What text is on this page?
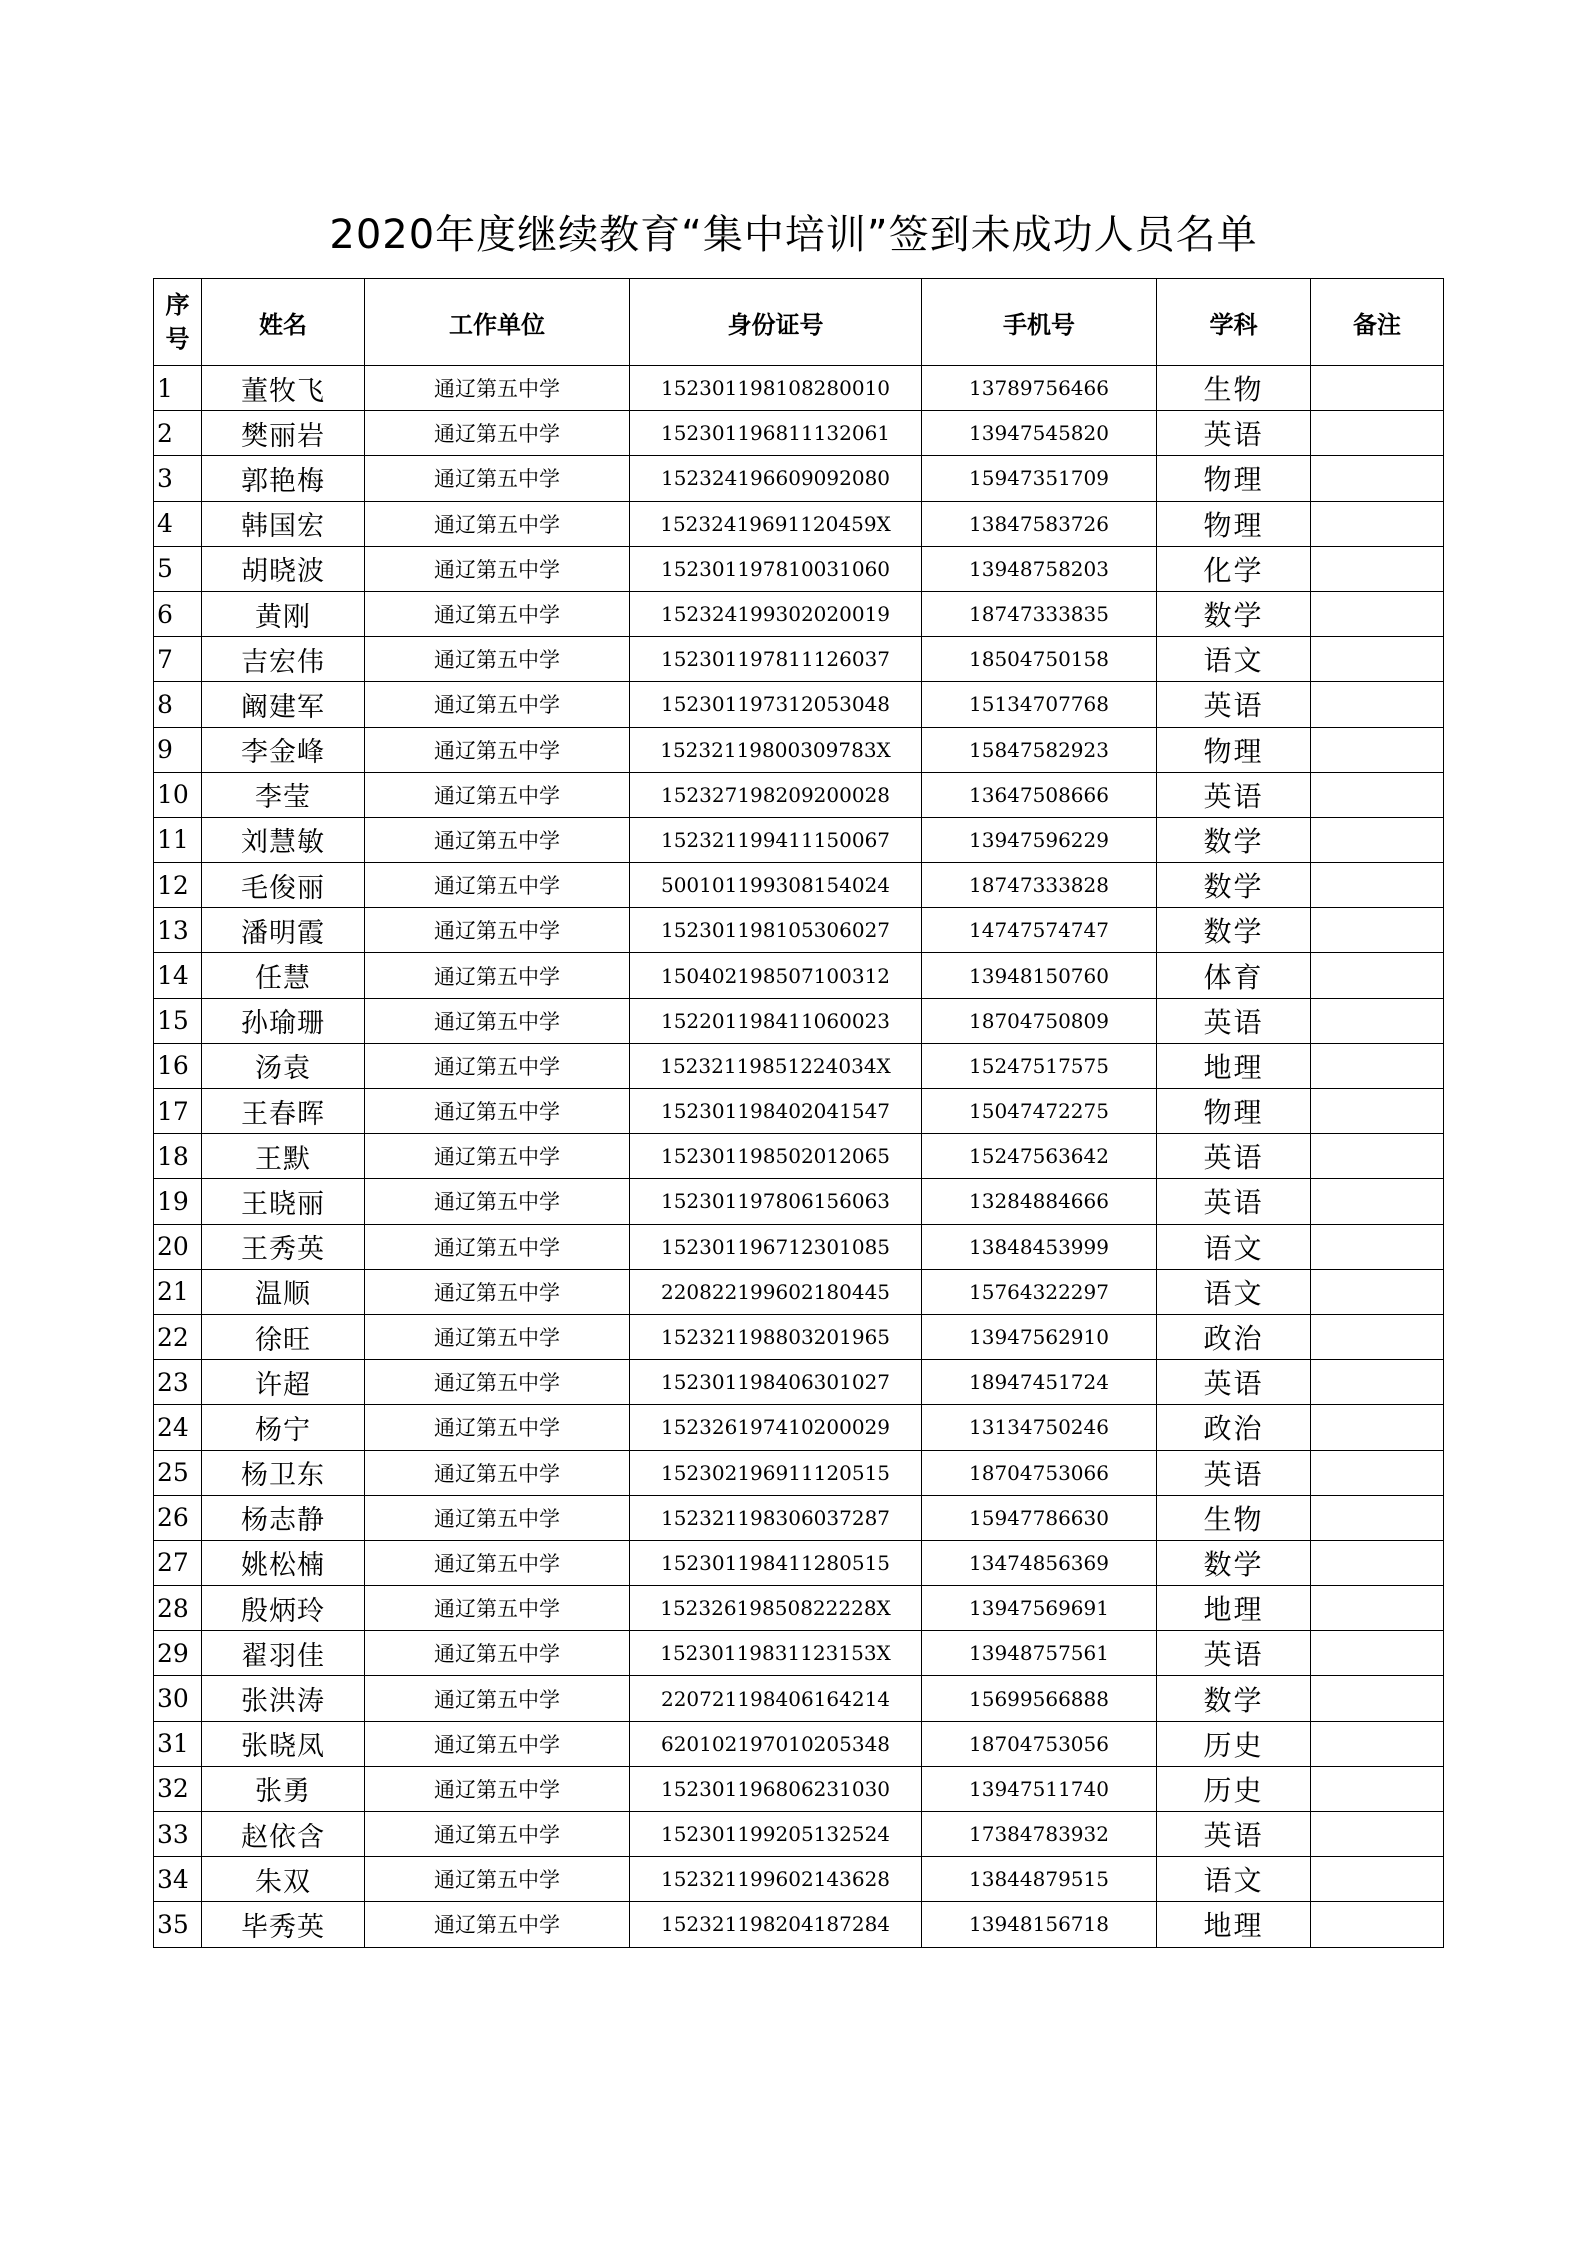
2020年度继续教育“集中培训”签到未成功人员名单
序号	姓名	工作单位	身份证号	手机号	学科	备注
1	董牧飞	通辽第五中学	152301198108280010	13789756466	生物	
2	樊丽岩	通辽第五中学	152301196811132061	13947545820	英语	
3	郭艳梅	通辽第五中学	152324196609092080	15947351709	物理	
4	韩国宏	通辽第五中学	15232419691120459X	13847583726	物理	
5	胡晓波	通辽第五中学	152301197810031060	13948758203	化学	
6	黄刚	通辽第五中学	152324199302020019	18747333835	数学	
7	吉宏伟	通辽第五中学	152301197811126037	18504750158	语文	
8	阚建军	通辽第五中学	152301197312053048	15134707768	英语	
9	李金峰	通辽第五中学	15232119800309783X	15847582923	物理	
10	李莹	通辽第五中学	152327198209200028	13647508666	英语	
11	刘慧敏	通辽第五中学	152321199411150067	13947596229	数学	
12	毛俊丽	通辽第五中学	500101199308154024	18747333828	数学	
13	潘明霞	通辽第五中学	152301198105306027	14747574747	数学	
14	任慧	通辽第五中学	150402198507100312	13948150760	体育	
15	孙瑜珊	通辽第五中学	152201198411060023	18704750809	英语	
16	汤袁	通辽第五中学	15232119851224034X	15247517575	地理	
17	王春晖	通辽第五中学	152301198402041547	15047472275	物理	
18	王默	通辽第五中学	152301198502012065	15247563642	英语	
19	王晓丽	通辽第五中学	152301197806156063	13284884666	英语	
20	王秀英	通辽第五中学	152301196712301085	13848453999	语文	
21	温顺	通辽第五中学	220822199602180445	15764322297	语文	
22	徐旺	通辽第五中学	152321198803201965	13947562910	政治	
23	许超	通辽第五中学	152301198406301027	18947451724	英语	
24	杨宁	通辽第五中学	152326197410200029	13134750246	政治	
25	杨卫东	通辽第五中学	152302196911120515	18704753066	英语	
26	杨志静	通辽第五中学	152321198306037287	15947786630	生物	
27	姚松楠	通辽第五中学	152301198411280515	13474856369	数学	
28	殷炳玲	通辽第五中学	15232619850822228X	13947569691	地理	
29	翟羽佳	通辽第五中学	15230119831123153X	13948757561	英语	
30	张洪涛	通辽第五中学	220721198406164214	15699566888	数学	
31	张晓凤	通辽第五中学	620102197010205348	18704753056	历史	
32	张勇	通辽第五中学	152301196806231030	13947511740	历史	
33	赵依含	通辽第五中学	152301199205132524	17384783932	英语	
34	朱双	通辽第五中学	152321199602143628	13844879515	语文	
35	毕秀英	通辽第五中学	152321198204187284	13948156718	地理	
